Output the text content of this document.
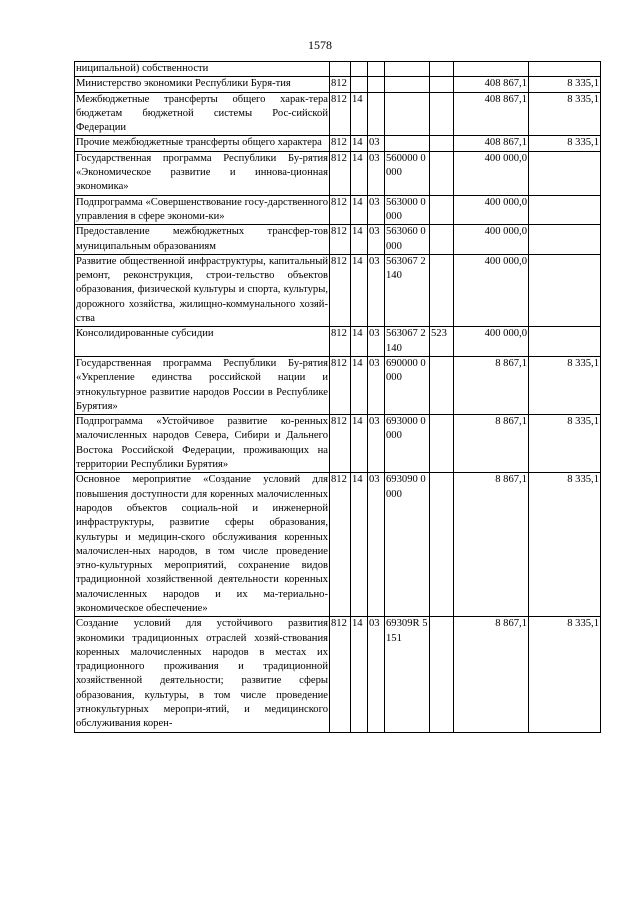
1578
ниципальной) собственности							
Министерство экономики Республики Буря-тия	812					408 867,1	8 335,1
Межбюджетные трансферты общего харак-тера бюджетам бюджетной системы Рос-сийской Федерации	812	14				408 867,1	8 335,1
Прочие межбюджетные трансферты общего характера	812	14	03			408 867,1	8 335,1
Государственная программа Республики Бу-рятия «Экономическое развитие и иннова-ционная экономика»	812	14	03	560000 0000		400 000,0	
Подпрограмма «Совершенствование госу-дарственного управления в сфере экономи-ки»	812	14	03	563000 0000		400 000,0	
Предоставление межбюджетных трансфер-тов муниципальным образованиям	812	14	03	563060 0000		400 000,0	
Развитие общественной инфраструктуры, капитальный ремонт, реконструкция, строи-тельство объектов образования, физической культуры и спорта, культуры, дорожного хозяйства, жилищно-коммунального хозяй-ства	812	14	03	563067 2140		400 000,0	
Консолидированные субсидии	812	14	03	563067 2140	523	400 000,0	
Государственная программа Республики Бу-рятия «Укрепление единства российской нации и этнокультурное развитие народов России в Республике Бурятия»	812	14	03	690000 0000		8 867,1	8 335,1
Подпрограмма «Устойчивое развитие ко-ренных малочисленных народов Севера, Сибири и Дальнего Востока Российской Федерации, проживающих на территории Республики Бурятия»	812	14	03	693000 0000		8 867,1	8 335,1
Основное мероприятие «Создание условий для повышения доступности для коренных малочисленных народов объектов социаль-ной и инженерной инфраструктуры, развитие сферы образования, культуры и медицин-ского обслуживания коренных малочислен-ных народов, в том числе проведение этно-культурных мероприятий, сохранение видов традиционной хозяйственной деятельности коренных малочисленных народов и их ма-териально-экономическое обеспечение»	812	14	03	693090 0000		8 867,1	8 335,1
Создание условий для устойчивого развития экономики традиционных отраслей хозяй-ствования коренных малочисленных народов в местах их традиционного проживания и традиционной хозяйственной деятельности; развитие сферы образования, культуры, в том числе проведение этнокультурных меропри-ятий, и медицинского обслуживания корен-	812	14	03	69309R 5151		8 867,1	8 335,1
